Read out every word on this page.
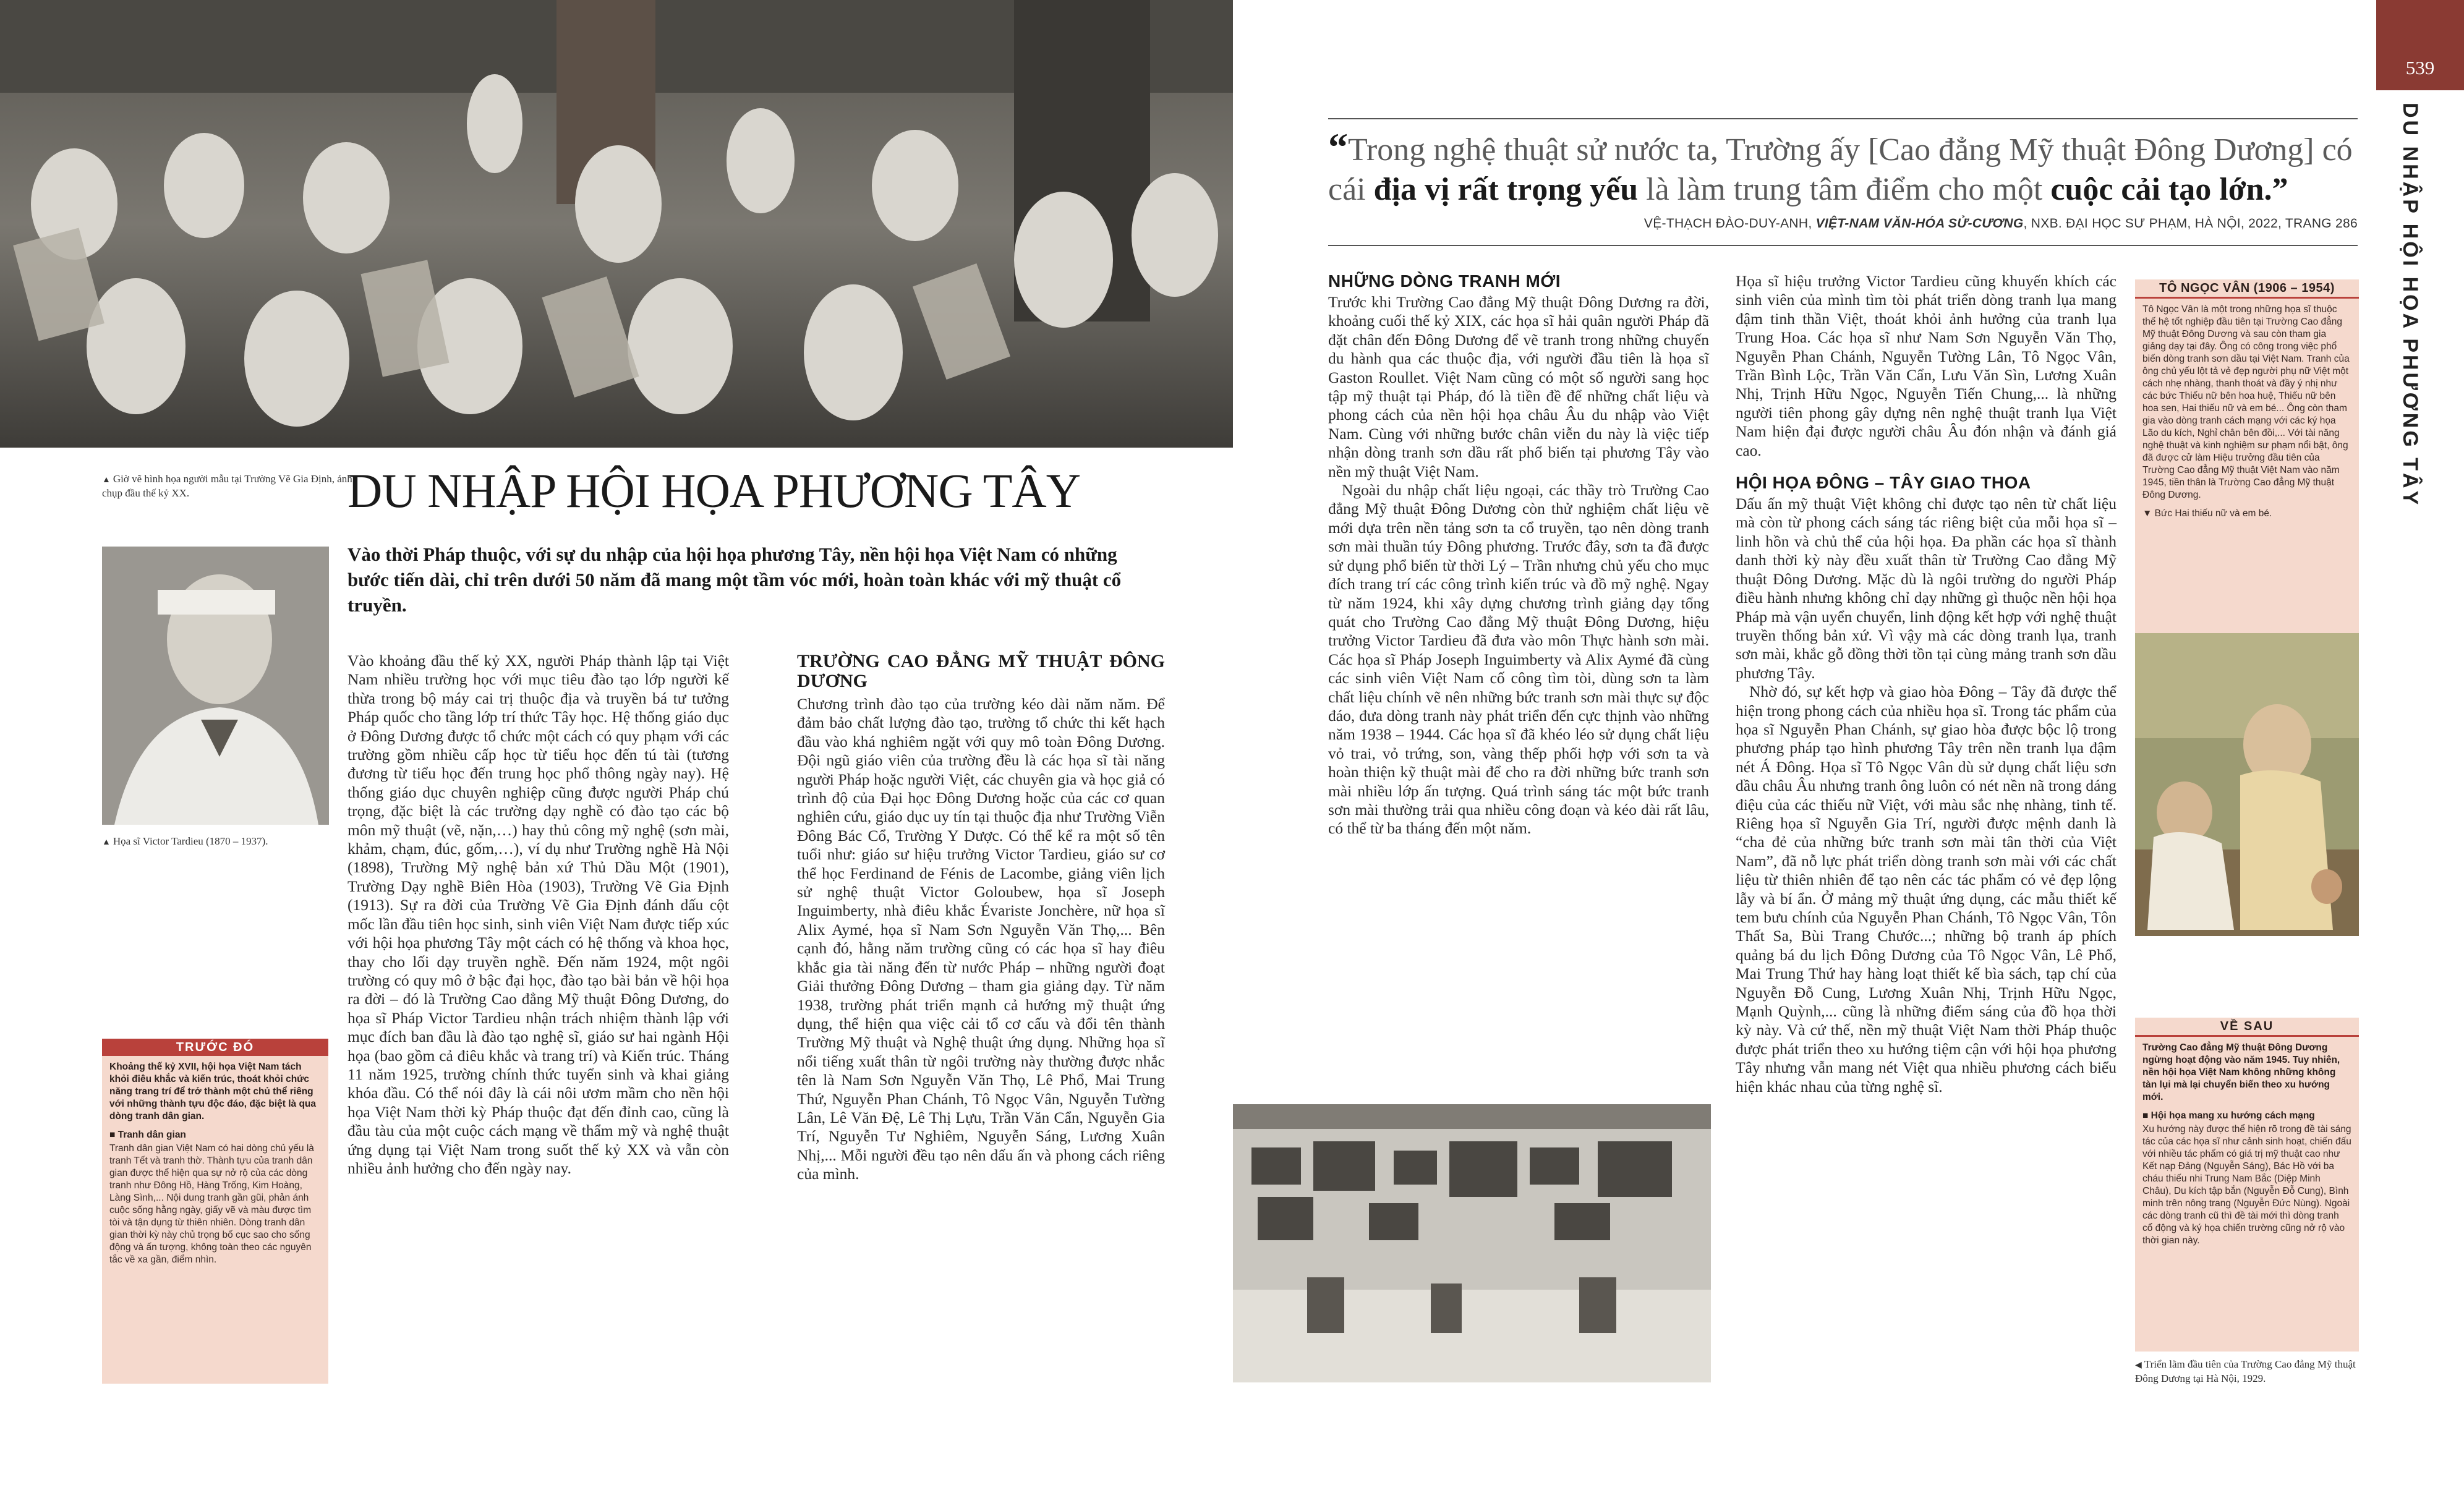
▲ Giờ vẽ hình họa người mẫu tại Trường Vẽ Gia Định, ảnh chụp đầu thế kỷ XX.	DU NHẬP HỘI HỌA PHƯƠNG TÂY

Vào thời Pháp thuộc, với sự du nhập của hội họa phương Tây, nền hội họa Việt Nam có những bước tiến dài, chỉ trên dưới 50 năm đã mang một tầm vóc mới, hoàn toàn khác với mỹ thuật cổ truyền.

▲ Họa sĩ Victor Tardieu (1870 – 1937).
TRƯỚC ĐÓ
Khoảng thế kỷ XVII, hội họa Việt Nam tách khỏi điêu khắc và kiến trúc, thoát khỏi chức năng trang trí để trở thành một chủ thể riêng với những thành tựu độc đáo, đặc biệt là qua dòng tranh dân gian.
■ Tranh dân gian
Tranh dân gian Việt Nam có hai dòng chủ yếu là tranh Tết và tranh thờ. Thành tựu của tranh dân gian được thể hiện qua sự nở rộ của các dòng tranh như Đông Hồ, Hàng Trống, Kim Hoàng, Làng Sình,... Nội dung tranh gần gũi, phản ánh cuộc sống hằng ngày, giấy vẽ và màu được tìm tòi và tận dụng từ thiên nhiên. Dòng tranh dân gian thời kỳ này chủ trọng bố cục sao cho sống động và ấn tượng, không toàn theo các nguyên tắc về xa gần, điểm nhìn.

Vào khoảng đầu thế kỷ XX, người Pháp thành lập tại Việt Nam nhiều trường học với mục tiêu đào tạo lớp người kế thừa trong bộ máy cai trị thuộc địa và truyền bá tư tưởng Pháp quốc cho tầng lớp trí thức Tây học. Hệ thống giáo dục ở Đông Dương được tổ chức một cách có quy phạm với các trường gồm nhiều cấp học từ tiểu học đến tú tài (tương đương từ tiểu học đến trung học phổ thông ngày nay). Hệ thống giáo dục chuyên nghiệp cũng được người Pháp chú trọng, đặc biệt là các trường dạy nghề có đào tạo các bộ môn mỹ thuật (vẽ, nặn,…) hay thủ công mỹ nghệ (sơn mài, khảm, chạm, đúc, gốm,…), ví dụ như Trường nghề Hà Nội (1898), Trường Mỹ nghệ bản xứ Thủ Dầu Một (1901), Trường Dạy nghề Biên Hòa (1903), Trường Vẽ Gia Định (1913). Sự ra đời của Trường Vẽ Gia Định đánh dấu cột mốc lần đầu tiên học sinh, sinh viên Việt Nam được tiếp xúc với hội họa phương Tây một cách có hệ thống và khoa học, thay cho lối dạy truyền nghề. Đến năm 1924, một ngôi trường có quy mô ở bậc đại học, đào tạo bài bản về hội họa ra đời – đó là Trường Cao đẳng Mỹ thuật Đông Dương, do họa sĩ Pháp Victor Tardieu nhận trách nhiệm thành lập với mục đích ban đầu là đào tạo nghệ sĩ, giáo sư hai ngành Hội họa (bao gồm cả điêu khắc và trang trí) và Kiến trúc. Tháng 11 năm 1925, trường chính thức tuyển sinh và khai giảng khóa đầu. Có thể nói đây là cái nôi ươm mầm cho nền hội họa Việt Nam thời kỳ Pháp thuộc đạt đến đỉnh cao, cũng là đầu tàu của một cuộc cách mạng về thẩm mỹ và nghệ thuật ứng dụng tại Việt Nam trong suốt thế kỷ XX và vẫn còn nhiều ảnh hưởng cho đến ngày nay.

TRƯỜNG CAO ĐẲNG MỸ THUẬT ĐÔNG DƯƠNG

Chương trình đào tạo của trường kéo dài năm năm. Để đảm bảo chất lượng đào tạo, trường tổ chức thi kết hạch đầu vào khá nghiêm ngặt với quy mô toàn Đông Dương. Đội ngũ giáo viên của trường đều là các họa sĩ tài năng người Pháp hoặc người Việt, các chuyên gia và học giả có trình độ của Đại học Đông Dương hoặc của các cơ quan nghiên cứu, giáo dục uy tín tại thuộc địa như Trường Viễn Đông Bác Cổ, Trường Y Dược. Có thể kể ra một số tên tuổi như: giáo sư hiệu trưởng Victor Tardieu, giáo sư cơ thể học Ferdinand de Fénis de Lacombe, giảng viên lịch sử nghệ thuật Victor Goloubew, họa sĩ Joseph Inguimberty, nhà điêu khắc Évariste Jonchère, nữ họa sĩ Alix Aymé, họa sĩ Nam Sơn Nguyễn Văn Thọ,... Bên cạnh đó, hằng năm trường cũng có các họa sĩ hay điêu khắc gia tài năng đến từ nước Pháp – những người đoạt Giải thưởng Đông Dương – tham gia giảng dạy. Từ năm 1938, trường phát triển mạnh cả hướng mỹ thuật ứng dụng, thể hiện qua việc cải tổ cơ cấu và đổi tên thành Trường Mỹ thuật và Nghệ thuật ứng dụng. Những họa sĩ nổi tiếng xuất thân từ ngôi trường này thường được nhắc tên là Nam Sơn Nguyễn Văn Thọ, Lê Phổ, Mai Trung Thứ, Nguyễn Phan Chánh, Tô Ngọc Vân, Nguyễn Tường Lân, Lê Văn Đệ, Lê Thị Lựu, Trần Văn Cẩn, Nguyễn Gia Trí, Nguyễn Tư Nghiêm, Nguyễn Sáng, Lương Xuân Nhị,... Mỗi người đều tạo nên dấu ấn và phong cách riêng của mình.

“Trong nghệ thuật sử nước ta, Trường ấy [Cao đẳng Mỹ thuật Đông Dương] có cái địa vị rất trọng yếu là làm trung tâm điểm cho một cuộc cải tạo lớn.”
VỆ-THẠCH ĐÀO-DUY-ANH, VIỆT-NAM VĂN-HÓA SỬ-CƯƠNG, NXB. ĐẠI HỌC SƯ PHẠM, HÀ NỘI, 2022, TRANG 286
NHỮNG DÒNG TRANH MỚI

Trước khi Trường Cao đẳng Mỹ thuật Đông Dương ra đời, khoảng cuối thế kỷ XIX, các họa sĩ hải quân người Pháp đã đặt chân đến Đông Dương để vẽ tranh trong những chuyến du hành qua các thuộc địa, với người đầu tiên là họa sĩ Gaston Roullet. Việt Nam cũng có một số người sang học tập mỹ thuật tại Pháp, đó là tiền đề để những chất liệu và phong cách của nền hội họa châu Âu du nhập vào Việt Nam. Cùng với những bước chân viễn du này là việc tiếp nhận dòng tranh sơn dầu rất phổ biến tại phương Tây vào nền mỹ thuật Việt Nam.

Ngoài du nhập chất liệu ngoại, các thầy trò Trường Cao đẳng Mỹ thuật Đông Dương còn thử nghiệm chất liệu vẽ mới dựa trên nền tảng sơn ta cổ truyền, tạo nên dòng tranh sơn mài thuần túy Đông phương. Trước đây, sơn ta đã được sử dụng phổ biến từ thời Lý – Trần nhưng chủ yếu cho mục đích trang trí các công trình kiến trúc và đồ mỹ nghệ. Ngay từ năm 1924, khi xây dựng chương trình giảng dạy tổng quát cho Trường Cao đẳng Mỹ thuật Đông Dương, hiệu trưởng Victor Tardieu đã đưa vào môn Thực hành sơn mài. Các họa sĩ Pháp Joseph Inguimberty và Alix Aymé đã cùng các sinh viên Việt Nam cố công tìm tòi, dùng sơn ta làm chất liệu chính vẽ nên những bức tranh sơn mài thực sự độc đáo, đưa dòng tranh này phát triển đến cực thịnh vào những năm 1938 – 1944. Các họa sĩ đã khéo léo sử dụng chất liệu vỏ trai, vỏ trứng, son, vàng thếp phối hợp với sơn ta và hoàn thiện kỹ thuật mài để cho ra đời những bức tranh sơn mài nhiều lớp ấn tượng. Quá trình sáng tác một bức tranh sơn mài thường trải qua nhiều công đoạn và kéo dài rất lâu, có thể từ ba tháng đến một năm.

Họa sĩ hiệu trưởng Victor Tardieu cũng khuyến khích các sinh viên của mình tìm tòi phát triển dòng tranh lụa mang đậm tinh thần Việt, thoát khỏi ảnh hưởng của tranh lụa Trung Hoa. Các họa sĩ như Nam Sơn Nguyễn Văn Thọ, Nguyễn Phan Chánh, Nguyễn Tường Lân, Tô Ngọc Vân, Trần Bình Lộc, Trần Văn Cẩn, Lưu Văn Sìn, Lương Xuân Nhị, Trịnh Hữu Ngọc, Nguyễn Tiến Chung,... là những người tiên phong gây dựng nên nghệ thuật tranh lụa Việt Nam hiện đại được người châu Âu đón nhận và đánh giá cao.

HỘI HỌA ĐÔNG – TÂY GIAO THOA

Dấu ấn mỹ thuật Việt không chỉ được tạo nên từ chất liệu mà còn từ phong cách sáng tác riêng biệt của mỗi họa sĩ – linh hồn và chủ thể của hội họa. Đa phần các họa sĩ thành danh thời kỳ này đều xuất thân từ Trường Cao đẳng Mỹ thuật Đông Dương. Mặc dù là ngôi trường do người Pháp điều hành nhưng không chỉ dạy những gì thuộc nền hội họa Pháp mà vận uyển chuyển, linh động kết hợp với nghệ thuật truyền thống bản xứ. Vì vậy mà các dòng tranh lụa, tranh sơn mài, khắc gỗ đồng thời tồn tại cùng mảng tranh sơn dầu phương Tây.

Nhờ đó, sự kết hợp và giao hòa Đông – Tây đã được thể hiện trong phong cách của nhiều họa sĩ. Trong tác phẩm của họa sĩ Nguyễn Phan Chánh, sự giao hòa được bộc lộ trong phương pháp tạo hình phương Tây trên nền tranh lụa đậm nét Á Đông. Họa sĩ Tô Ngọc Vân dù sử dụng chất liệu sơn dầu châu Âu nhưng tranh ông luôn có nét nền nã trong dáng điệu của các thiếu nữ Việt, với màu sắc nhẹ nhàng, tinh tế. Riêng họa sĩ Nguyễn Gia Trí, người được mệnh danh là “cha đẻ của những bức tranh sơn mài tân thời của Việt Nam”, đã nỗ lực phát triển dòng tranh sơn mài với các chất liệu từ thiên nhiên để tạo nên các tác phẩm có vẻ đẹp lộng lẫy và bí ẩn. Ở mảng mỹ thuật ứng dụng, các mẫu thiết kế tem bưu chính của Nguyễn Phan Chánh, Tô Ngọc Vân, Tôn Thất Sa, Bùi Trang Chước...; những bộ tranh áp phích quảng bá du lịch Đông Dương của Tô Ngọc Vân, Lê Phổ, Mai Trung Thứ hay hàng loạt thiết kế bìa sách, tạp chí của Nguyễn Đỗ Cung, Lương Xuân Nhị, Trịnh Hữu Ngọc, Mạnh Quỳnh,... cũng là những điểm sáng của đồ họa thời kỳ này. Và cứ thế, nền mỹ thuật Việt Nam thời Pháp thuộc được phát triển theo xu hướng tiệm cận với hội họa phương Tây nhưng vẫn mang nét Việt qua nhiều phương cách biểu hiện khác nhau của từng nghệ sĩ.

TÔ NGỌC VÂN (1906 – 1954)
Tô Ngọc Vân là một trong những họa sĩ thuộc thế hệ tốt nghiệp đầu tiên tại Trường Cao đẳng Mỹ thuật Đông Dương và sau còn tham gia giảng dạy tại đây. Ông có công trong việc phổ biến dòng tranh sơn dầu tại Việt Nam. Tranh của ông chủ yếu lột tả vẻ đẹp người phụ nữ Việt một cách nhẹ nhàng, thanh thoát và đầy ý nhị như các bức Thiếu nữ bên hoa huệ, Thiếu nữ bên hoa sen, Hai thiếu nữ và em bé... Ông còn tham gia vào dòng tranh cách mạng với các ký họa Lão du kích, Nghỉ chân bên đồi,... Với tài năng nghệ thuật và kinh nghiệm sư phạm nổi bật, ông đã được cử làm Hiệu trưởng đầu tiên của Trường Cao đẳng Mỹ thuật Việt Nam vào năm 1945, tiền thân là Trường Cao đẳng Mỹ thuật Đông Dương.
▼ Bức Hai thiếu nữ và em bé.
VỀ SAU
Trường Cao đẳng Mỹ thuật Đông Dương ngừng hoạt động vào năm 1945. Tuy nhiên, nền hội họa Việt Nam không những không tàn lụi mà lại chuyển biến theo xu hướng mới.
■ Hội họa mang xu hướng cách mạng
Xu hướng này được thể hiện rõ trong đề tài sáng tác của các họa sĩ như cảnh sinh hoạt, chiến đấu với nhiều tác phẩm có giá trị mỹ thuật cao như Kết nạp Đảng (Nguyễn Sáng), Bác Hồ với ba cháu thiếu nhi Trung Nam Bắc (Diệp Minh Châu), Du kích tập bắn (Nguyễn Đỗ Cung), Bình minh trên nông trang (Nguyễn Đức Nùng). Ngoài các dòng tranh cũ thì đề tài mới thì dòng tranh cổ động và ký họa chiến trường cũng nở rộ vào thời gian này.
◀ Triển lãm đầu tiên của Trường Cao đẳng Mỹ thuật Đông Dương tại Hà Nội, 1929.
539
DU NHẬP HỘI HỌA PHƯƠNG TÂY
